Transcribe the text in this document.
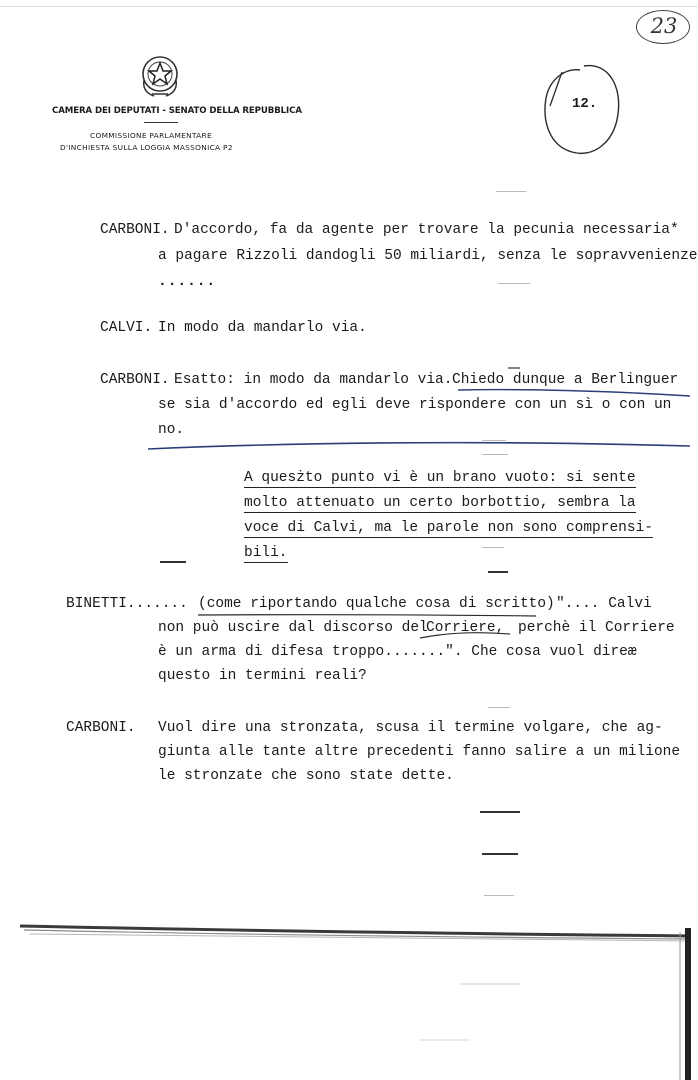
23
CAMERA DEI DEPUTATI - SENATO DELLA REPUBBLICA
COMMISSIONE PARLAMENTARE
D'INCHIESTA SULLA LOGGIA MASSONICA P2
12.
CARBONI. D'accordo, fa da agente per trovare la pecunia necessaria*
a pagare Rizzoli dandogli 50 miliardi, senza le sopravvenienze
......
CALVI. In modo da mandarlo via.
CARBONI. Esatto: in modo da mandarlo via. Chiedo dunque a Berlinguer
se sia d'accordo ed egli deve rispondere con un sì o con un
no.
A quesżto punto vi è un brano vuoto: si sente
molto attenuato un certo borbottio, sembra la
voce di Calvi, ma le parole non sono comprensi-
bili.
BINETTI....... (come riportando qualche cosa di scritto) ".... Calvi
non può uscire dal discorso del
Corriere, perchè il Corriere
è un arma di difesa troppo.......". Che cosa vuol direæ
questo in termini reali?
CARBONI. Vuol dire una stronzata, scusa il termine volgare, che ag-
giunta alle tante altre precedenti fanno salire a un milione
le stronzate che sono state dette.
